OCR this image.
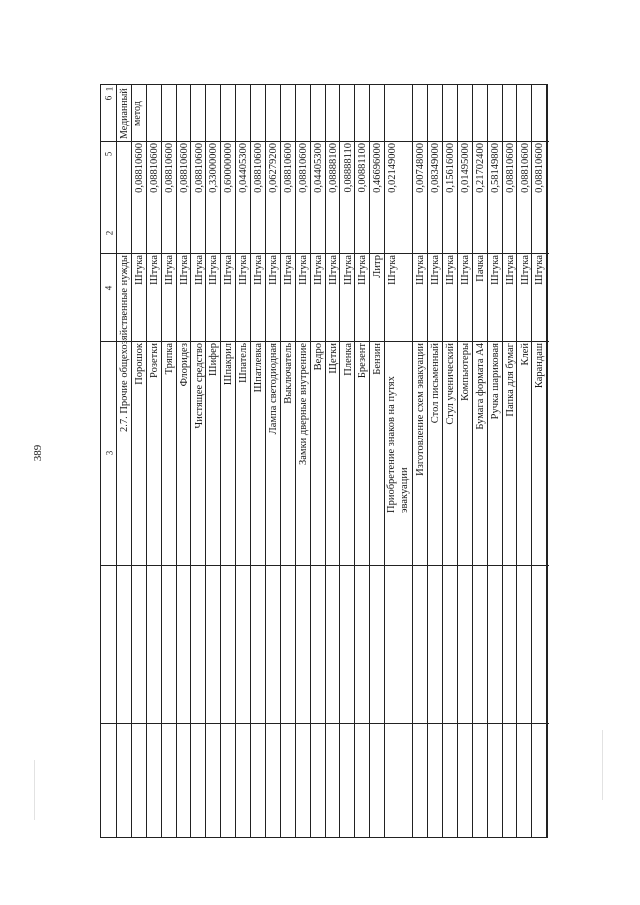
389
1
2
3
2.7. Прочие общехозяйственные нужды
0,08810600
Штука
Порошок
0,08810600
Штука
Розетки
0,08810600
Штука
Тряпка
0,08810600
Штука
Флоридез
0,08810600
Штука
Чистящее средство
0,33000000
Штука
Шифер
0,60000000
Штука
Шпакрил
0,04405300
Штука
Шпатель
0,08810600
Штука
Шпатлевка
0,06279200
Штука
Лампа светодиодная
0,08810600
Штука
Выключатель
0,08810600
Штука
Замки дверные внутренние
0,04405300
Штука
Ведро
0,08888100
Штука
Щетки
0,08888110
Штука
Пленка
0,00881100
Штука
Брезент
0,46696000
Литр
Бензин
0,02149000
Штука
Приобретение знаков на путях эвакуации
0,00748000
Штука
Изготовление схем эвакуации
0,08349000
Штука
Стол письменный
0,15616000
Штука
Стул ученический
0,01495000
Штука
Компьютеры
0,21702400
Пачка
Бумага формата А4
0,58149800
Штука
Ручка шариковая
0,08810600
Штука
Папка для бумаг
0,08810600
Штука
Клей
0,08810600
Штука
Карандаш
4
5
6 Медианный метод
